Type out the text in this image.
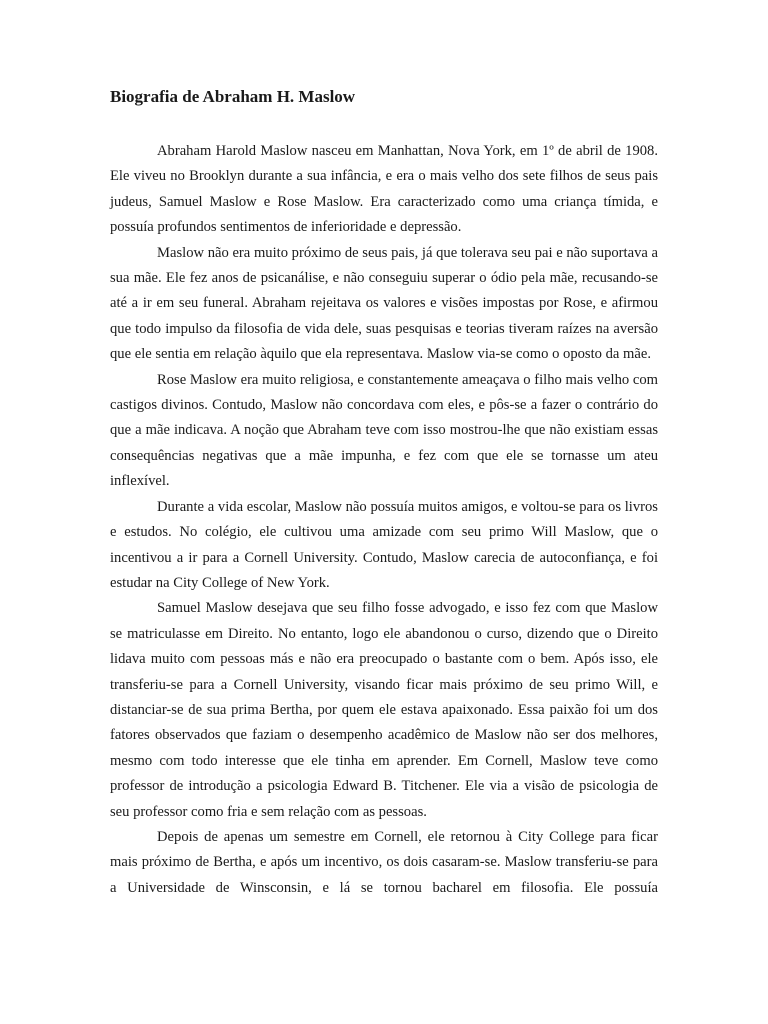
Biografia de Abraham H. Maslow

Abraham Harold Maslow nasceu em Manhattan, Nova York, em 1º de abril de 1908. Ele viveu no Brooklyn durante a sua infância, e era o mais velho dos sete filhos de seus pais judeus, Samuel Maslow e Rose Maslow. Era caracterizado como uma criança tímida, e possuía profundos sentimentos de inferioridade e depressão.

Maslow não era muito próximo de seus pais, já que tolerava seu pai e não suportava a sua mãe. Ele fez anos de psicanálise, e não conseguiu superar o ódio pela mãe, recusando-se até a ir em seu funeral. Abraham rejeitava os valores e visões impostas por Rose, e afirmou que todo impulso da filosofia de vida dele, suas pesquisas e teorias tiveram raízes na aversão que ele sentia em relação àquilo que ela representava. Maslow via-se como o oposto da mãe.

Rose Maslow era muito religiosa, e constantemente ameaçava o filho mais velho com castigos divinos. Contudo, Maslow não concordava com eles, e pôs-se a fazer o contrário do que a mãe indicava. A noção que Abraham teve com isso mostrou-lhe que não existiam essas consequências negativas que a mãe impunha, e fez com que ele se tornasse um ateu inflexível.

Durante a vida escolar, Maslow não possuía muitos amigos, e voltou-se para os livros e estudos. No colégio, ele cultivou uma amizade com seu primo Will Maslow, que o incentivou a ir para a Cornell University. Contudo, Maslow carecia de autoconfiança, e foi estudar na City College of New York.

Samuel Maslow desejava que seu filho fosse advogado, e isso fez com que Maslow se matriculasse em Direito. No entanto, logo ele abandonou o curso, dizendo que o Direito lidava muito com pessoas más e não era preocupado o bastante com o bem. Após isso, ele transferiu-se para a Cornell University, visando ficar mais próximo de seu primo Will, e distanciar-se de sua prima Bertha, por quem ele estava apaixonado. Essa paixão foi um dos fatores observados que faziam o desempenho acadêmico de Maslow não ser dos melhores, mesmo com todo interesse que ele tinha em aprender. Em Cornell, Maslow teve como professor de introdução a psicologia Edward B. Titchener. Ele via a visão de psicologia de seu professor como fria e sem relação com as pessoas.

Depois de apenas um semestre em Cornell, ele retornou à City College para ficar mais próximo de Bertha, e após um incentivo, os dois casaram-se. Maslow transferiu-se para a Universidade de Winsconsin, e lá se tornou bacharel em filosofia. Ele possuía
